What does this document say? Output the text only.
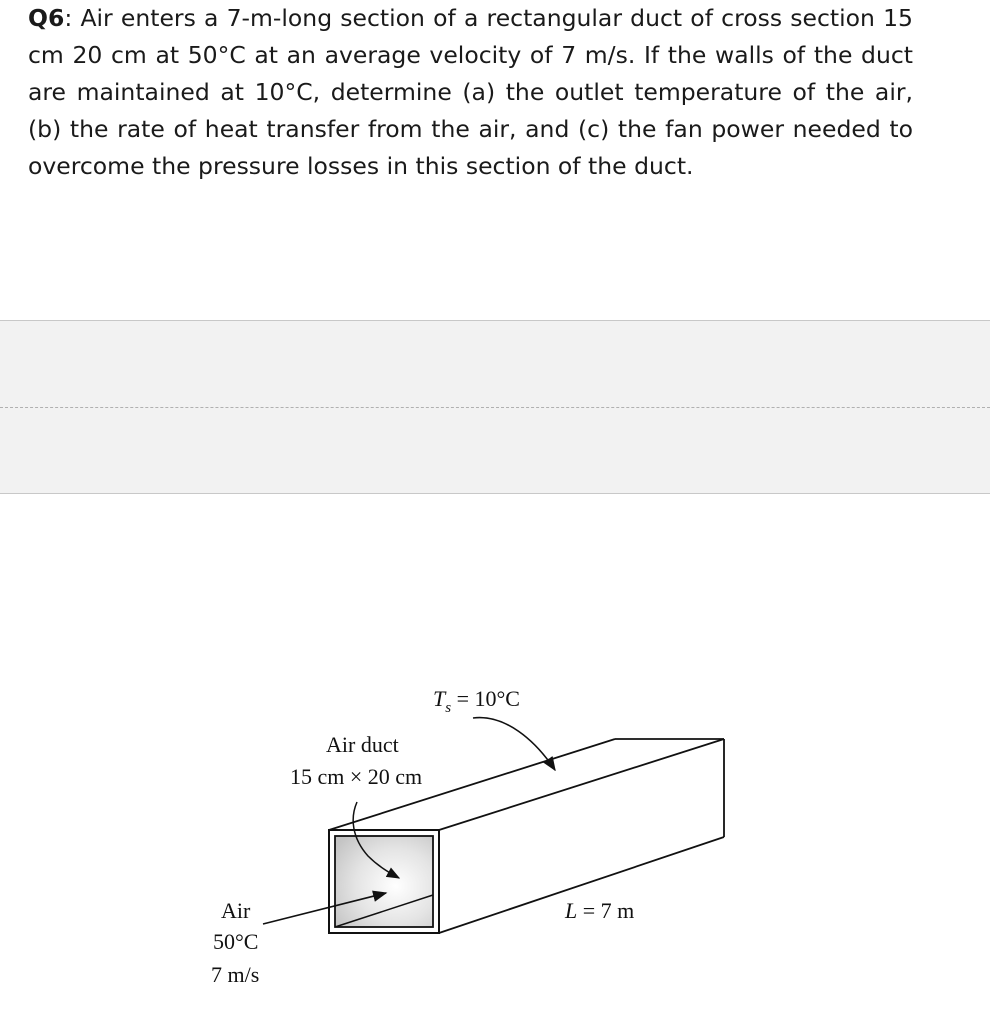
Q6: Air enters a 7-m-long section of a rectangular duct of cross section 15 cm 20 cm at 50°C at an average velocity of 7 m/s. If the walls of the duct are maintained at 10°C, determine (a) the outlet temperature of the air, (b) the rate of heat transfer from the air, and (c) the fan power needed to overcome the pressure losses in this section of the duct.

$T_s = 10^\circ C$
Air duct
15 cm × 20 cm
Air
50°C
7 m/s
L = 7 m
